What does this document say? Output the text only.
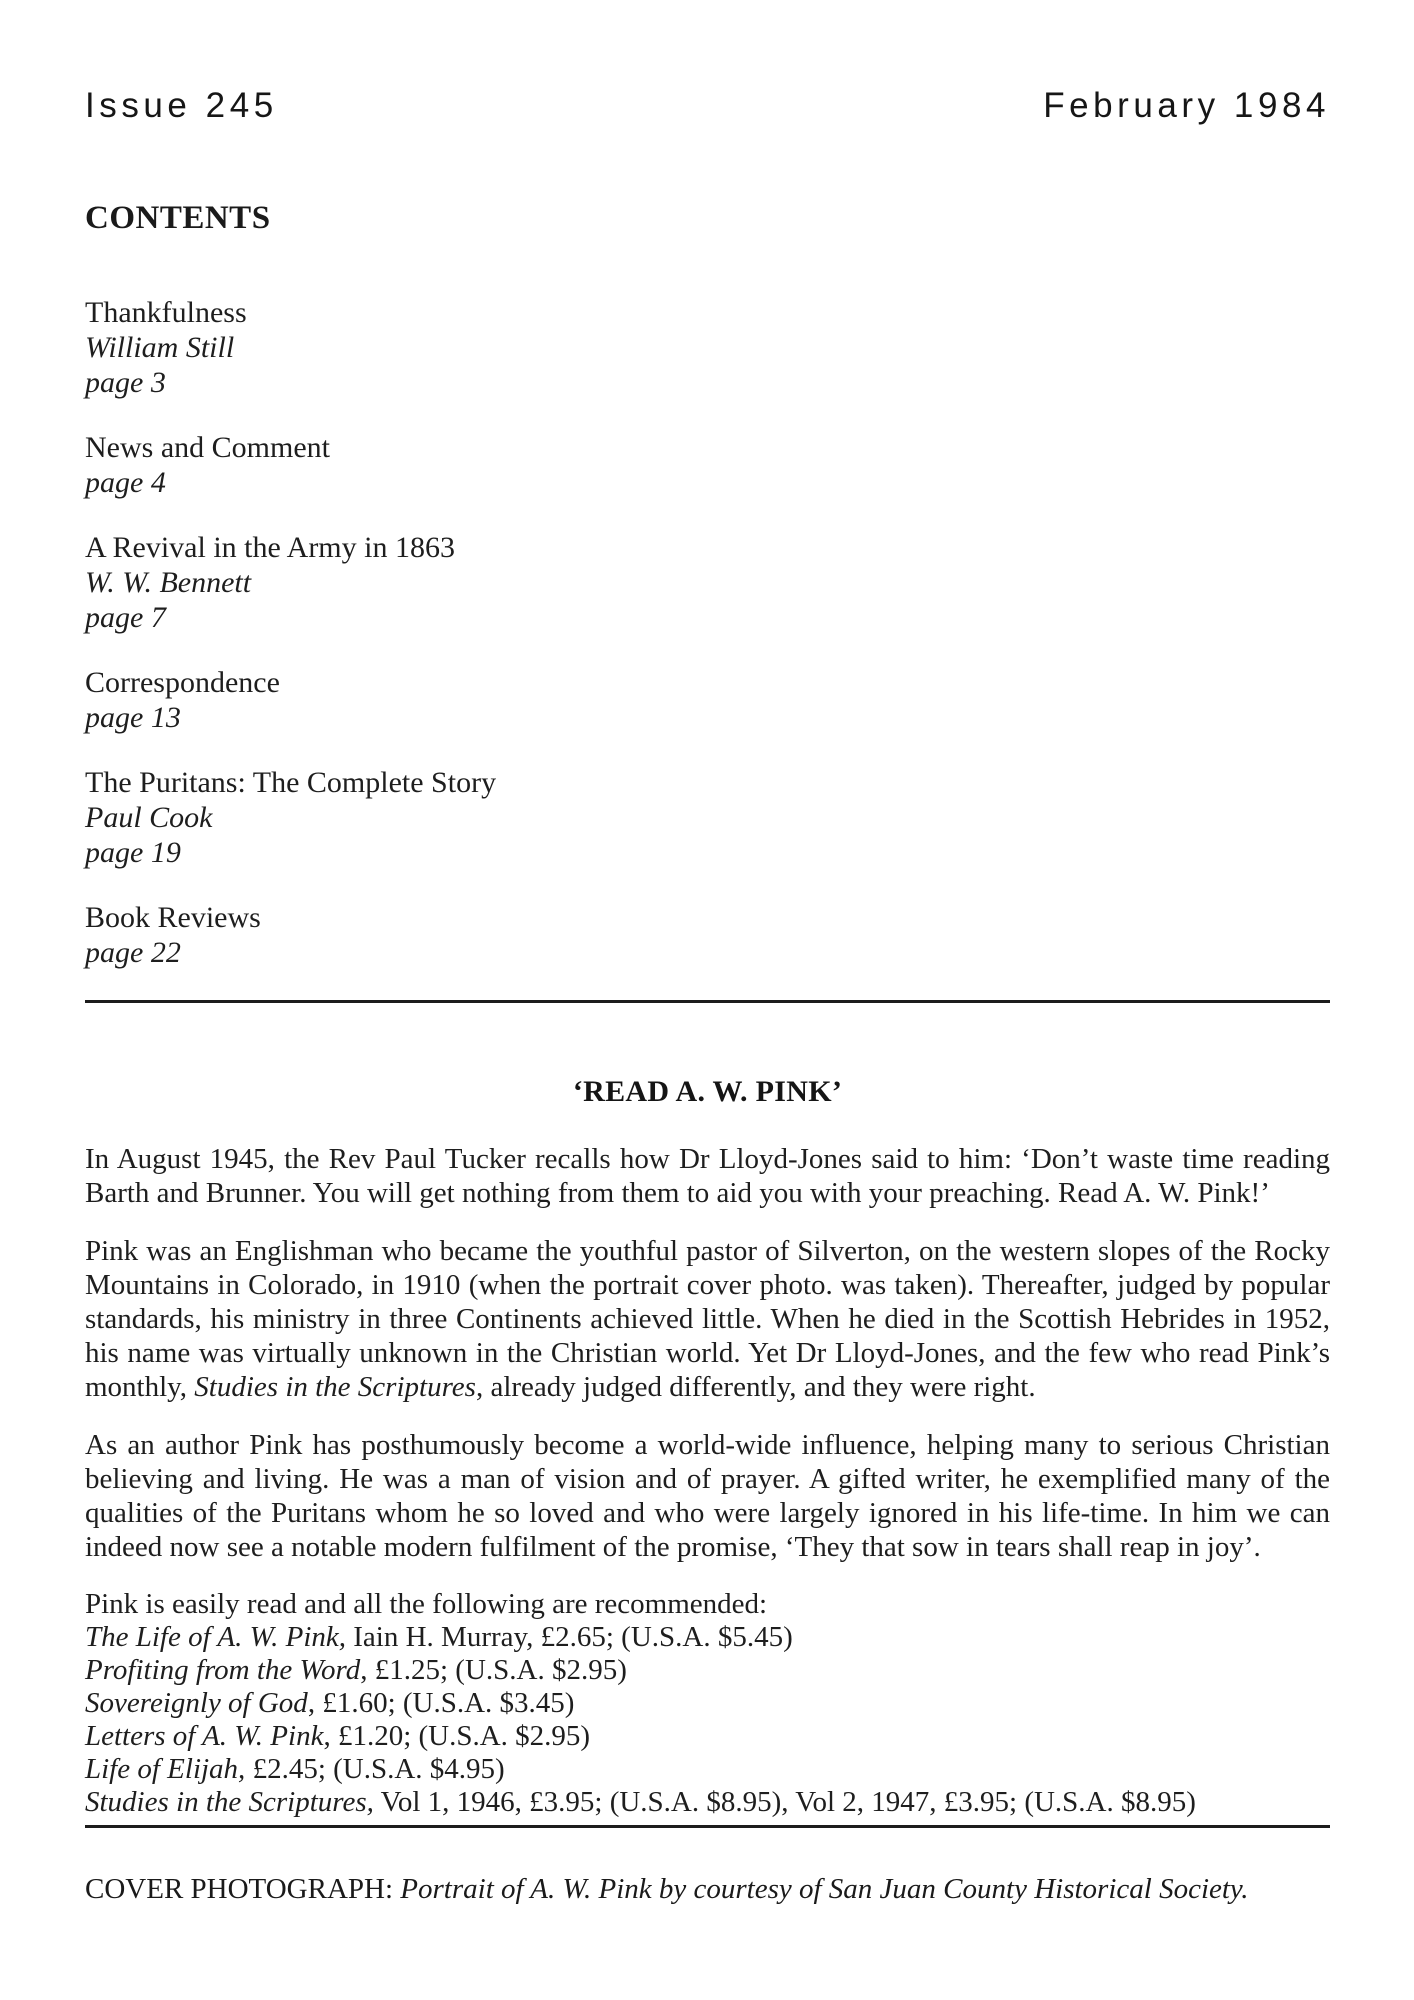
Issue 245	February 1984
CONTENTS
Thankfulness
William Still
page 3
News and Comment
page 4
A Revival in the Army in 1863
W. W. Bennett
page 7
Correspondence
page 13
The Puritans: The Complete Story
Paul Cook
page 19
Book Reviews
page 22
‘READ A. W. PINK’

In August 1945, the Rev Paul Tucker recalls how Dr Lloyd-Jones said to him: ‘Don’t waste time reading Barth and Brunner. You will get nothing from them to aid you with your preaching. Read A. W. Pink!’

Pink was an Englishman who became the youthful pastor of Silverton, on the western slopes of the Rocky Mountains in Colorado, in 1910 (when the portrait cover photo. was taken). Thereafter, judged by popular standards, his ministry in three Continents achieved little. When he died in the Scottish Hebrides in 1952, his name was virtually unknown in the Christian world. Yet Dr Lloyd-Jones, and the few who read Pink’s monthly, Studies in the Scriptures, already judged differently, and they were right.

As an author Pink has posthumously become a world-wide influence, helping many to serious Christian believing and living. He was a man of vision and of prayer. A gifted writer, he exemplified many of the qualities of the Puritans whom he so loved and who were largely ignored in his life-time. In him we can indeed now see a notable modern fulfilment of the promise, ‘They that sow in tears shall reap in joy’.

Pink is easily read and all the following are recommended:
The Life of A. W. Pink, Iain H. Murray, £2.65; (U.S.A. $5.45)
Profiting from the Word, £1.25; (U.S.A. $2.95)
Sovereignly of God, £1.60; (U.S.A. $3.45)
Letters of A. W. Pink, £1.20; (U.S.A. $2.95)
Life of Elijah, £2.45; (U.S.A. $4.95)
Studies in the Scriptures, Vol 1, 1946, £3.95; (U.S.A. $8.95), Vol 2, 1947, £3.95; (U.S.A. $8.95)
COVER PHOTOGRAPH: Portrait of A. W. Pink by courtesy of San Juan County Historical Society.
